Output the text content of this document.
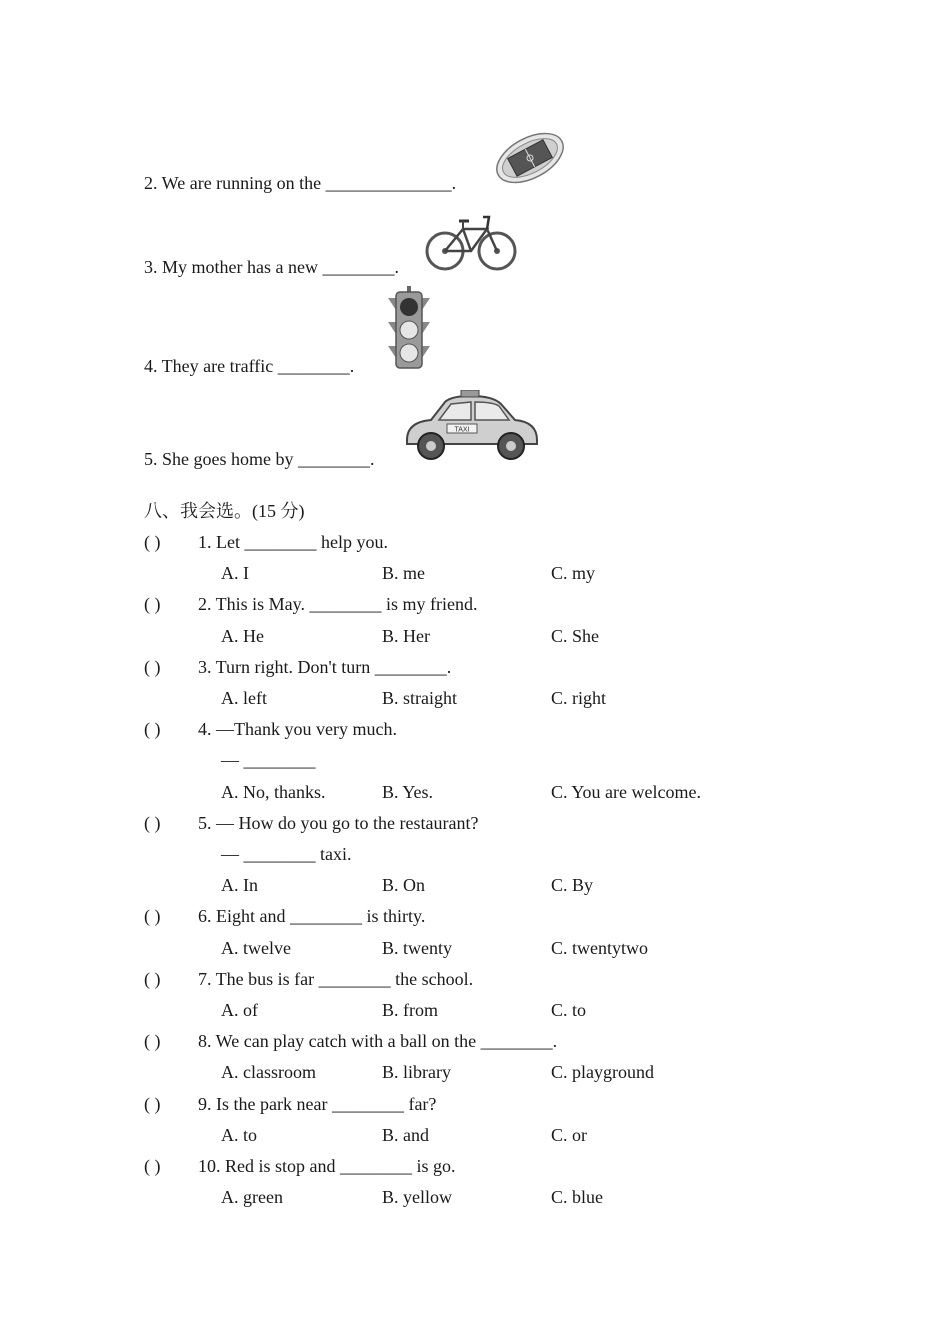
2. We are running on the ______________.
3. My mother has a new ________.
4. They are traffic ________.
5. She goes home by ________.
TAXI
八、我会选。(15 分)
( ) 1. Let ________ help you.
A. I	B. me	C. my
( ) 2. This is May. ________ is my friend.
A. He	B. Her	C. She
( ) 3. Turn right. Don't turn ________.
A. left	B. straight	C. right
( ) 4. —Thank you very much.
— ________
A. No, thanks.	B. Yes.	C. You are welcome.
( ) 5. — How do you go to the restaurant?
— ________ taxi.
A. In	B. On	C. By
( ) 6. Eight and ________ is thirty.
A. twelve	B. twenty	C. twentytwo
( ) 7. The bus is far ________ the school.
A. of	B. from	C. to
( ) 8. We can play catch with a ball on the ________.
A. classroom	B. library	C. playground
( ) 9. Is the park near ________ far?
A. to	B. and	C. or
( ) 10. Red is stop and ________ is go.
A. green	B. yellow	C. blue
